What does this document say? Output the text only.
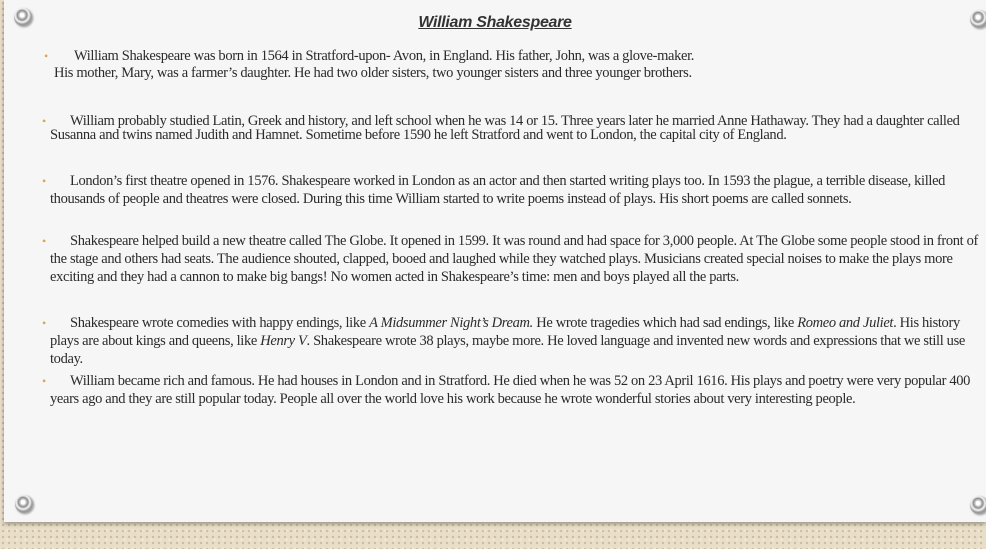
William Shakespeare

• William Shakespeare was born in 1564 in Stratford-upon- Avon, in England. His father, John, was a glove-maker.
His mother, Mary, was a farmer’s daughter. He had two older sisters, two younger sisters and three younger brothers.

• William probably studied Latin, Greek and history, and left school when he was 14 or 15. Three years later he married Anne Hathaway. They had a daughter called Susanna and twins named Judith and Hamnet. Sometime before 1590 he left Stratford and went to London, the capital city of England.

• London’s first theatre opened in 1576. Shakespeare worked in London as an actor and then started writing plays too. In 1593 the plague, a terrible disease, killed thousands of people and theatres were closed. During this time William started to write poems instead of plays. His short poems are called sonnets.

• Shakespeare helped build a new theatre called The Globe. It opened in 1599. It was round and had space for 3,000 people. At The Globe some people stood in front of the stage and others had seats. The audience shouted, clapped, booed and laughed while they watched plays. Musicians created special noises to make the plays more exciting and they had a cannon to make big bangs! No women acted in Shakespeare’s time: men and boys played all the parts.

• Shakespeare wrote comedies with happy endings, like A Midsummer Night’s Dream. He wrote tragedies which had sad endings, like Romeo and Juliet. His history plays are about kings and queens, like Henry V. Shakespeare wrote 38 plays, maybe more. He loved language and invented new words and expressions that we still use today.

• William became rich and famous. He had houses in London and in Stratford. He died when he was 52 on 23 April 1616. His plays and poetry were very popular 400 years ago and they are still popular today. People all over the world love his work because he wrote wonderful stories about very interesting people.
